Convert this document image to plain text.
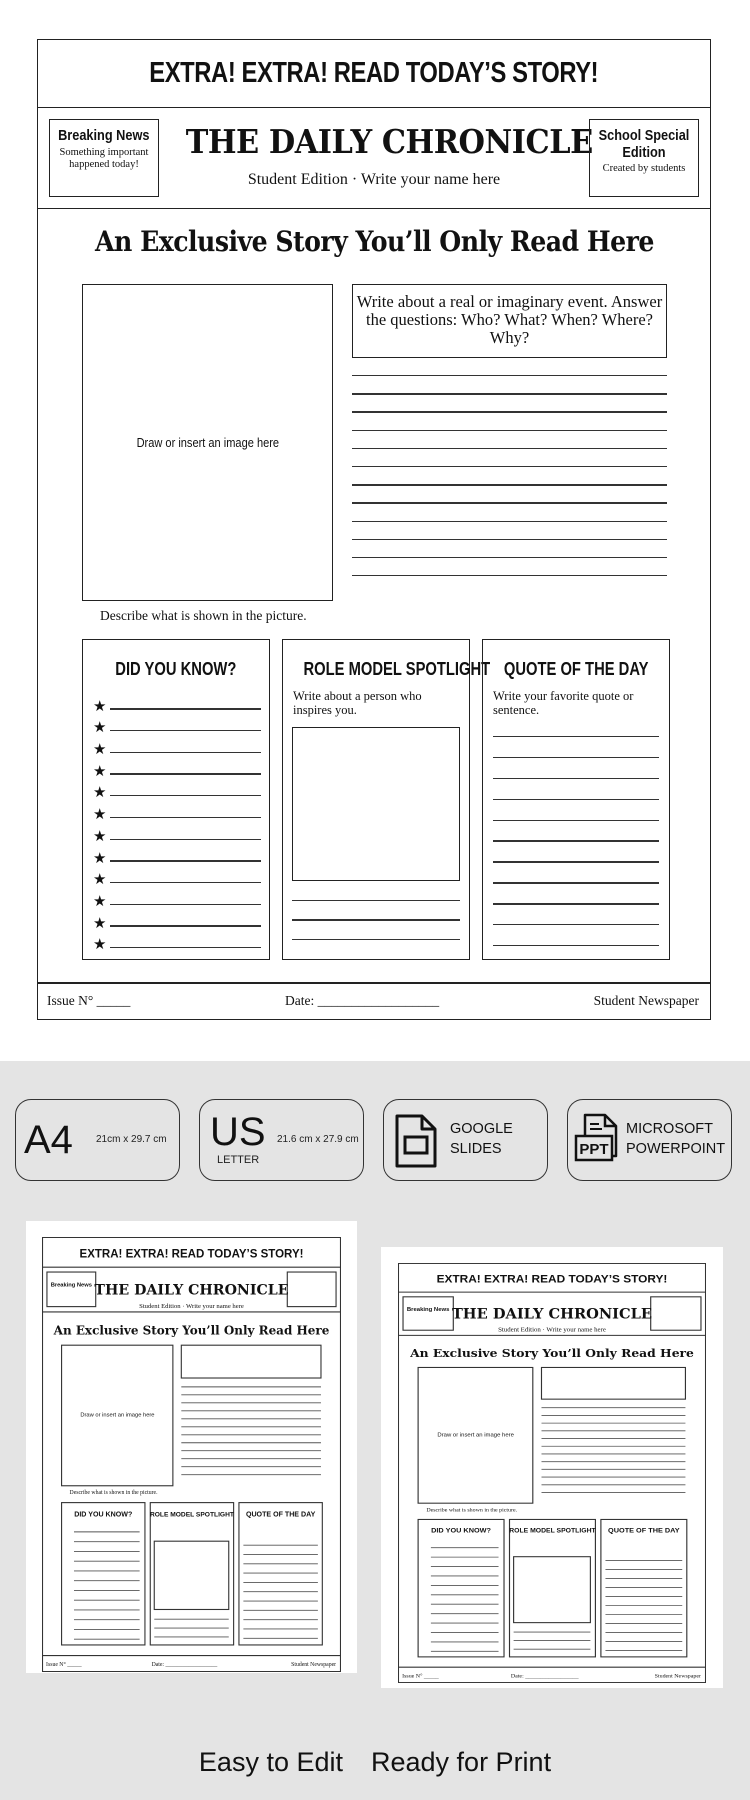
EXTRA! EXTRA! READ TODAY’S STORY!
Breaking News
Something important happened today!
THE DAILY CHRONICLE
Student Edition · Write your name here
School Special Edition
Created by students
An Exclusive Story You’ll Only Read Here
Draw or insert an image here
Describe what is shown in the picture.
Write about a real or imaginary event. Answer the questions: Who? What? When? Where? Why?
DID YOU KNOW?
★
★
★
★
★
★
★
★
★
★
★
★
ROLE MODEL SPOTLIGHT
Write about a person who inspires you.
QUOTE OF THE DAY
Write your favorite quote or sentence.
Issue N° _____	Date: __________________	Student Newspaper
A4 21cm x 29.7 cm US
LETTER
21.6 cm x 27.9 cm
GOOGLE SLIDES	PPT
MICROSOFT POWERPOINT
EXTRA! EXTRA! READ TODAY’S STORY!
THE DAILY CHRONICLE
Student Edition · Write your name here
Breaking News
An Exclusive Story You’ll Only Read Here
Draw or insert an image here
Describe what is shown in the picture.
DID YOU KNOW? ROLE MODEL SPOTLIGHT QUOTE OF THE DAY
Issue N° _____	Date: __________________	Student Newspaper
EXTRA! EXTRA! READ TODAY’S STORY!
THE DAILY CHRONICLE
Student Edition · Write your name here
Breaking News
An Exclusive Story You’ll Only Read Here
Draw or insert an image here
Describe what is shown in the picture.
DID YOU KNOW? ROLE MODEL SPOTLIGHT QUOTE OF THE DAY
Issue N° _____	Date: __________________	Student Newspaper
Easy to Edit Ready for Print
